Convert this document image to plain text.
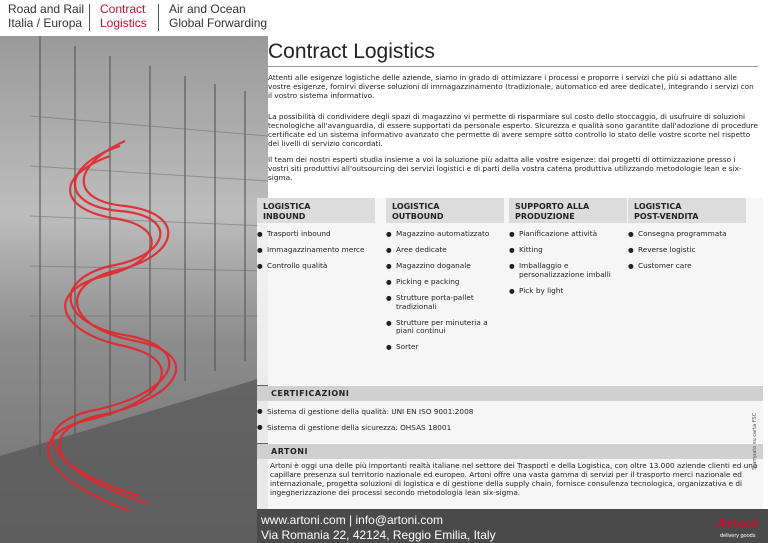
Road and Rail
Italia / Europa
Contract
Logistics
Air and Ocean
Global Forwarding
Contract Logistics

Attenti alle esigenze logistiche delle aziende, siamo in grado di ottimizzare i processi e proporre i servizi che più si adattano alle vostre esigenze, fornirvi diverse soluzioni di immagazzinamento (tradizionale, automatico ed aree dedicate), integrando i servizi con il vostro sistema informativo.

La possibilità di condividere degli spazi di magazzino vi permette di risparmiare sul costo dello stoccaggio, di usufruire di soluzioni tecnologiche all'avanguardia, di essere supportati da personale esperto. Sicurezza e qualità sono garantite dall'adozione di procedure certificate ed un sistema informativo avanzato che permette di avere sempre sotto controllo lo stato delle vostre scorte nel rispetto dei livelli di servizio concordati.

Il team dei nostri esperti studia insieme a voi la soluzione più adatta alle vostre esigenze: dai progetti di ottimizzazione presso i vostri siti produttivi all'outsourcing dei servizi logistici e di parti della vostra catena produttiva utilizzando metodologie lean e six-sigma.

LOGISTICA
INBOUND
● Trasporti inbound
● Immagazzinamento merce
● Controllo qualità
LOGISTICA
OUTBOUND
● Magazzino automatizzato
● Aree dedicate
● Magazzino doganale
● Picking e packing
● Strutture porta-pallet tradizionali
● Strutture per minuteria a piani continui
● Sorter
SUPPORTO ALLA
PRODUZIONE
● Pianificazione attività
● Kitting
● Imballaggio e personalizzazione imballi
● Pick by light
LOGISTICA
POST-VENDITA
● Consegna programmata
● Reverse logistic
● Customer care
CERTIFICAZIONI
● Sistema di gestione della qualità: UNI EN ISO 9001:2008
● Sistema di gestione della sicurezza: OHSAS 18001
ARTONI

Artoni è oggi una delle più importanti realtà italiane nel settore dei Trasporti e della Logistica, con oltre 13.000 aziende clienti ed una capillare presenza sul territorio nazionale ed europeo. Artoni offre una vasta gamma di servizi per il trasporto merci nazionale ed internazionale, progetta soluzioni di logistica e di gestione della supply chain, fornisce consulenza tecnologica, organizzativa e di ingegnerizzazione dei processi secondo metodologia lean six-sigma.

www.artoni.com | info@artoni.com
Via Romania 22, 42124, Reggio Emilia, Italy
Artoni
delivery goods
Stampato su carta FSC
